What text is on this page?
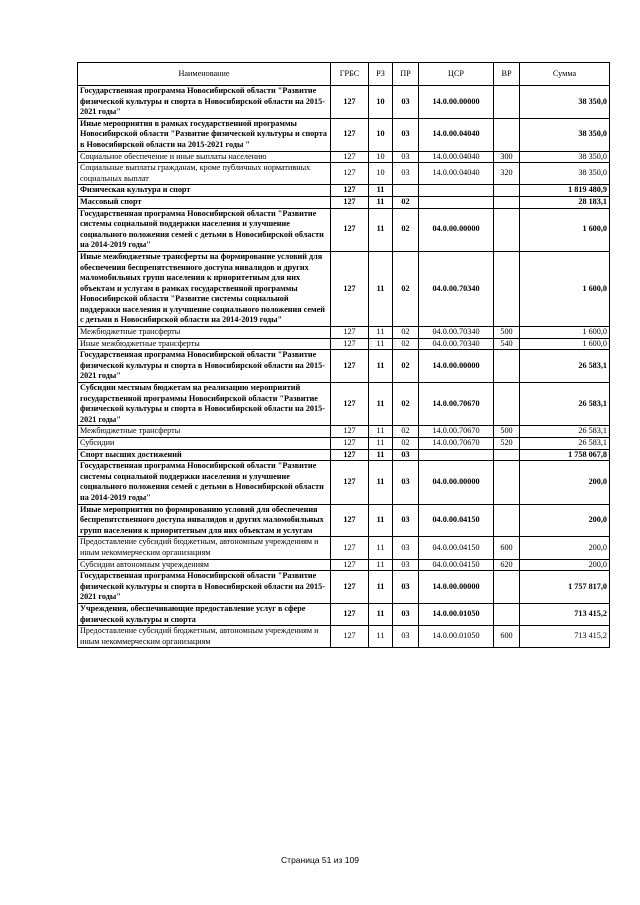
Наименование	ГРБС	РЗ	ПР	ЦСР	ВР	Сумма
Государственная программа Новосибирской области "Развитие физической культуры и спорта в Новосибирской области на 2015-2021 годы"	127	10	03	14.0.00.00000		38 350,0
Иные мероприятия в рамках государственной программы Новосибирской области "Развитие физической культуры и спорта в Новосибирской области на 2015-2021 годы "	127	10	03	14.0.00.04040		38 350,0
Социальное обеспечение и иные выплаты населению	127	10	03	14.0.00.04040	300	38 350,0
Социальные выплаты гражданам, кроме публичных нормативных социальных выплат	127	10	03	14.0.00.04040	320	38 350,0
Физическая культура и спорт	127	11				1 819 480,9
Массовый спорт	127	11	02			28 183,1
Государственная программа Новосибирской области "Развитие системы социальной поддержки населения и улучшение социального положения семей с детьми в Новосибирской области на 2014-2019 годы"	127	11	02	04.0.00.00000		1 600,0
Иные межбюджетные трансферты на формирование условий для обеспечения беспрепятственного доступа инвалидов и других маломобильных групп населения к приоритетным для них объектам и услугам в рамках государственной программы Новосибирской области "Развитие системы социальной поддержки населения и улучшение социального положения семей с детьми в Новосибирской области на 2014-2019 годы"	127	11	02	04.0.00.70340		1 600,0
Межбюджетные трансферты	127	11	02	04.0.00.70340	500	1 600,0
Иные межбюджетные трансферты	127	11	02	04.0.00.70340	540	1 600,0
Государственная программа Новосибирской области "Развитие физической культуры и спорта в Новосибирской области на 2015-2021 годы"	127	11	02	14.0.00.00000		26 583,1
Субсидии местным бюджетам на реализацию мероприятий государственной программы Новосибирской области "Развитие физической культуры и спорта в Новосибирской области на 2015-2021 годы"	127	11	02	14.0.00.70670		26 583,1
Межбюджетные трансферты	127	11	02	14.0.00.70670	500	26 583,1
Субсидии	127	11	02	14.0.00.70670	520	26 583,1
Спорт высших достижений	127	11	03			1 758 067,8
Государственная программа Новосибирской области "Развитие системы социальной поддержки населения и улучшение социального положения семей с детьми в Новосибирской области на 2014-2019 годы"	127	11	03	04.0.00.00000		200,0
Иные мероприятия по формированию условий для обеспечения беспрепятственного доступа инвалидов и других маломобильных групп населения к приоритетным для них объектам и услугам	127	11	03	04.0.00.04150		200,0
Предоставление субсидий бюджетным, автономным учреждениям и иным некоммерческим организациям	127	11	03	04.0.00.04150	600	200,0
Субсидии автономным учреждениям	127	11	03	04.0.00.04150	620	200,0
Государственная программа Новосибирской области "Развитие физической культуры и спорта в Новосибирской области на 2015-2021 годы"	127	11	03	14.0.00.00000		1 757 817,0
Учреждения, обеспечивающие предоставление услуг в сфере физической культуры и спорта	127	11	03	14.0.00.01050		713 415,2
Предоставление субсидий бюджетным, автономным учреждениям и иным некоммерческим организациям	127	11	03	14.0.00.01050	600	713 415,2
Страница 51 из 109
